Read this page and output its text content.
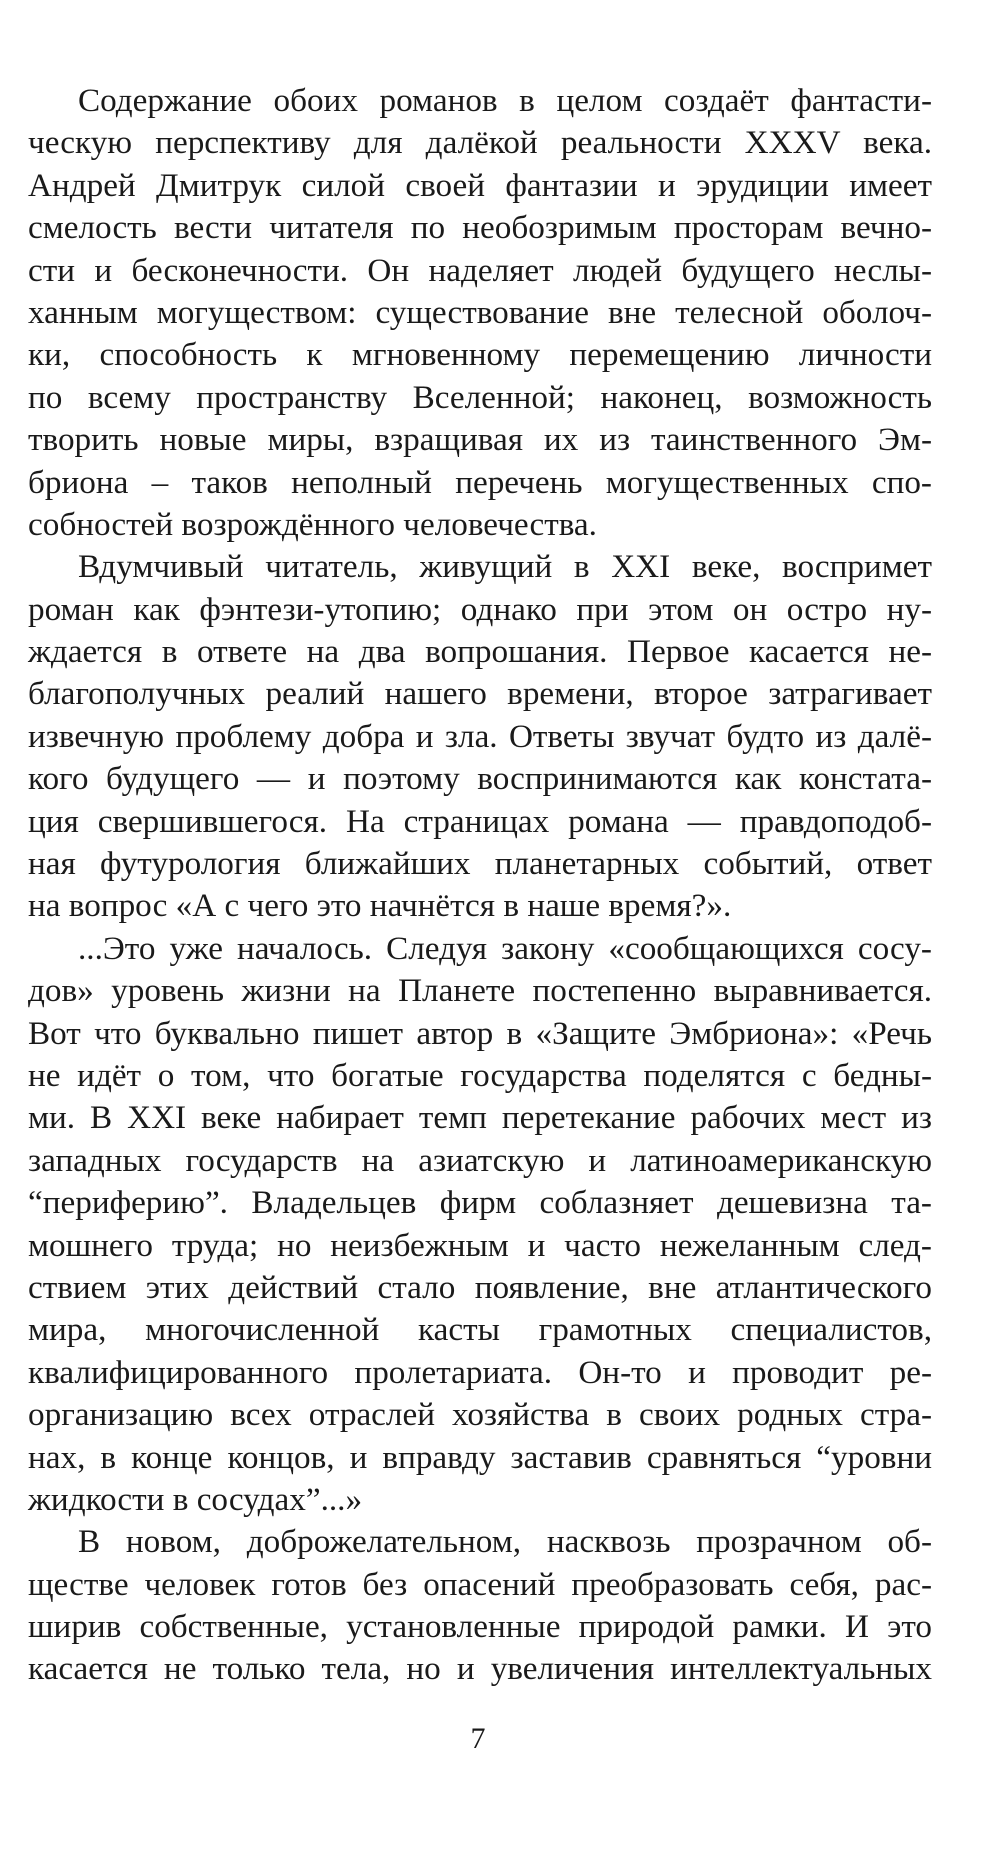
Содержание обоих романов в целом создаёт фантасти-
ческую перспективу для далёкой реальности XXXV века.
Андрей Дмитрук силой своей фантазии и эрудиции имеет
смелость вести читателя по необозримым просторам вечно-
сти и бесконечности. Он наделяет людей будущего неслы-
ханным могуществом: существование вне телесной оболоч-
ки, способность к мгновенному перемещению личности
по всему пространству Вселенной; наконец, возможность
творить новые миры, взращивая их из таинственного Эм-
бриона – таков неполный перечень могущественных спо-
собностей возрождённого человечества.
Вдумчивый читатель, живущий в XXI веке, воспримет
роман как фэнтези-утопию; однако при этом он остро ну-
ждается в ответе на два вопрошания. Первое касается не-
благополучных реалий нашего времени, второе затрагивает
извечную проблему добра и зла. Ответы звучат будто из далё-
кого будущего — и поэтому воспринимаются как констата-
ция свершившегося. На страницах романа — правдоподоб-
ная футурология ближайших планетарных событий, ответ
на вопрос «А с чего это начнётся в наше время?».
...Это уже началось. Следуя закону «сообщающихся сосу-
дов» уровень жизни на Планете постепенно выравнивается.
Вот что буквально пишет автор в «Защите Эмбриона»: «Речь
не идёт о том, что богатые государства поделятся с бедны-
ми. В XXI веке набирает темп перетекание рабочих мест из
западных государств на азиатскую и латиноамериканскую
“периферию”. Владельцев фирм соблазняет дешевизна та-
мошнего труда; но неизбежным и часто нежеланным след-
ствием этих действий стало появление, вне атлантического
мира, многочисленной касты грамотных специалистов,
квалифицированного пролетариата. Он-то и проводит ре-
организацию всех отраслей хозяйства в своих родных стра-
нах, в конце концов, и вправду заставив сравняться “уровни
жидкости в сосудах”...»
В новом, доброжелательном, насквозь прозрачном об-
ществе человек готов без опасений преобразовать себя, рас-
ширив собственные, установленные природой рамки. И это
касается не только тела, но и увеличения интеллектуальных
7
